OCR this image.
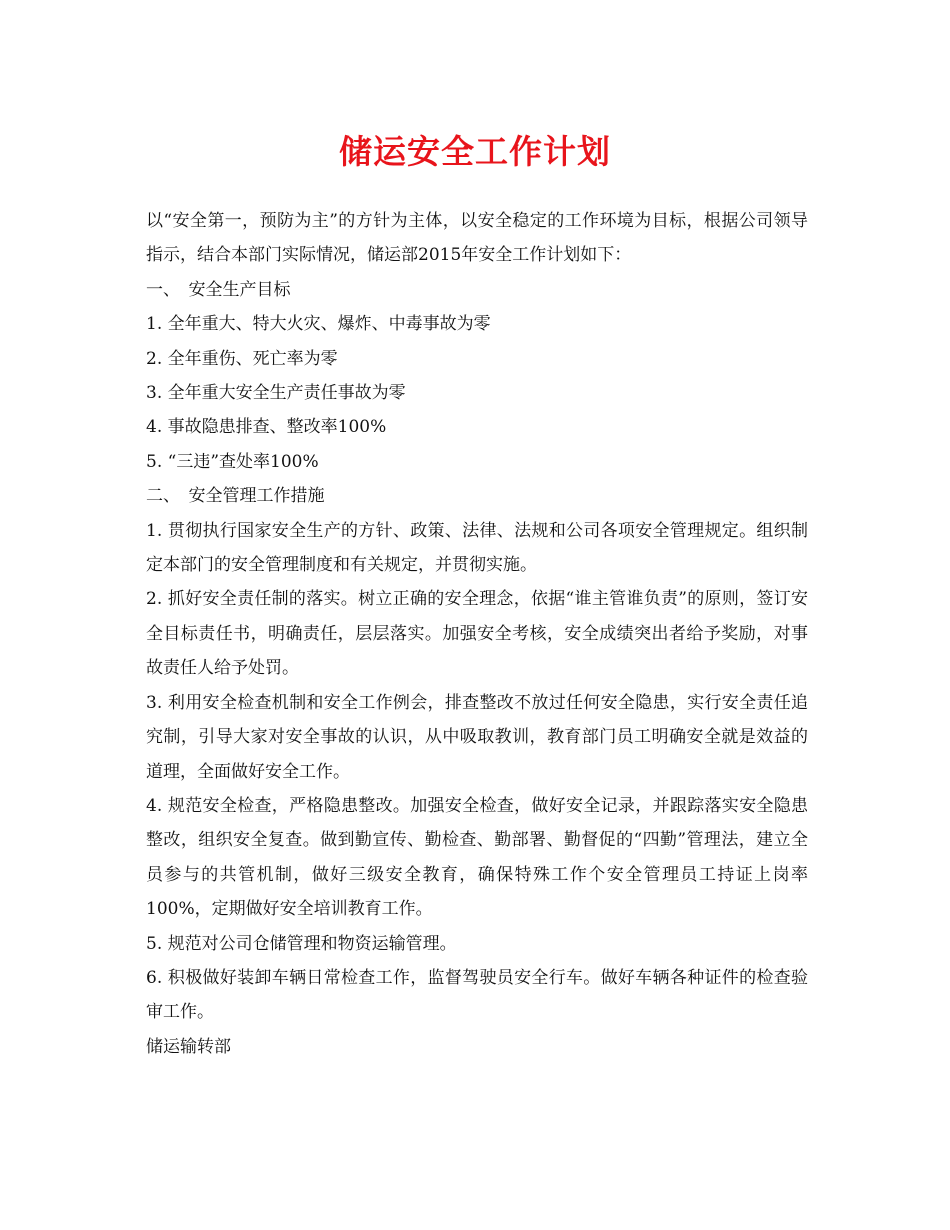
储运安全工作计划

以“安全第一，预防为主”的方针为主体，以安全稳定的工作环境为目标，根据公司领导指示，结合本部门实际情况，储运部2015年安全工作计划如下：

一、　安全生产目标

1. 全年重大、特大火灾、爆炸、中毒事故为零

2. 全年重伤、死亡率为零

3. 全年重大安全生产责任事故为零

4. 事故隐患排查、整改率100%

5. “三违”查处率100%

二、　安全管理工作措施

1. 贯彻执行国家安全生产的方针、政策、法律、法规和公司各项安全管理规定。组织制定本部门的安全管理制度和有关规定，并贯彻实施。

2. 抓好安全责任制的落实。树立正确的安全理念，依据“谁主管谁负责”的原则，签订安全目标责任书，明确责任，层层落实。加强安全考核，安全成绩突出者给予奖励，对事故责任人给予处罚。

3. 利用安全检查机制和安全工作例会，排查整改不放过任何安全隐患，实行安全责任追究制，引导大家对安全事故的认识，从中吸取教训，教育部门员工明确安全就是效益的道理，全面做好安全工作。

4. 规范安全检查，严格隐患整改。加强安全检查，做好安全记录，并跟踪落实安全隐患整改，组织安全复查。做到勤宣传、勤检查、勤部署、勤督促的“四勤”管理法，建立全员参与的共管机制，做好三级安全教育，确保特殊工作个安全管理员工持证上岗率100%，定期做好安全培训教育工作。

5. 规范对公司仓储管理和物资运输管理。

6. 积极做好装卸车辆日常检查工作，监督驾驶员安全行车。做好车辆各种证件的检查验审工作。

储运输转部
